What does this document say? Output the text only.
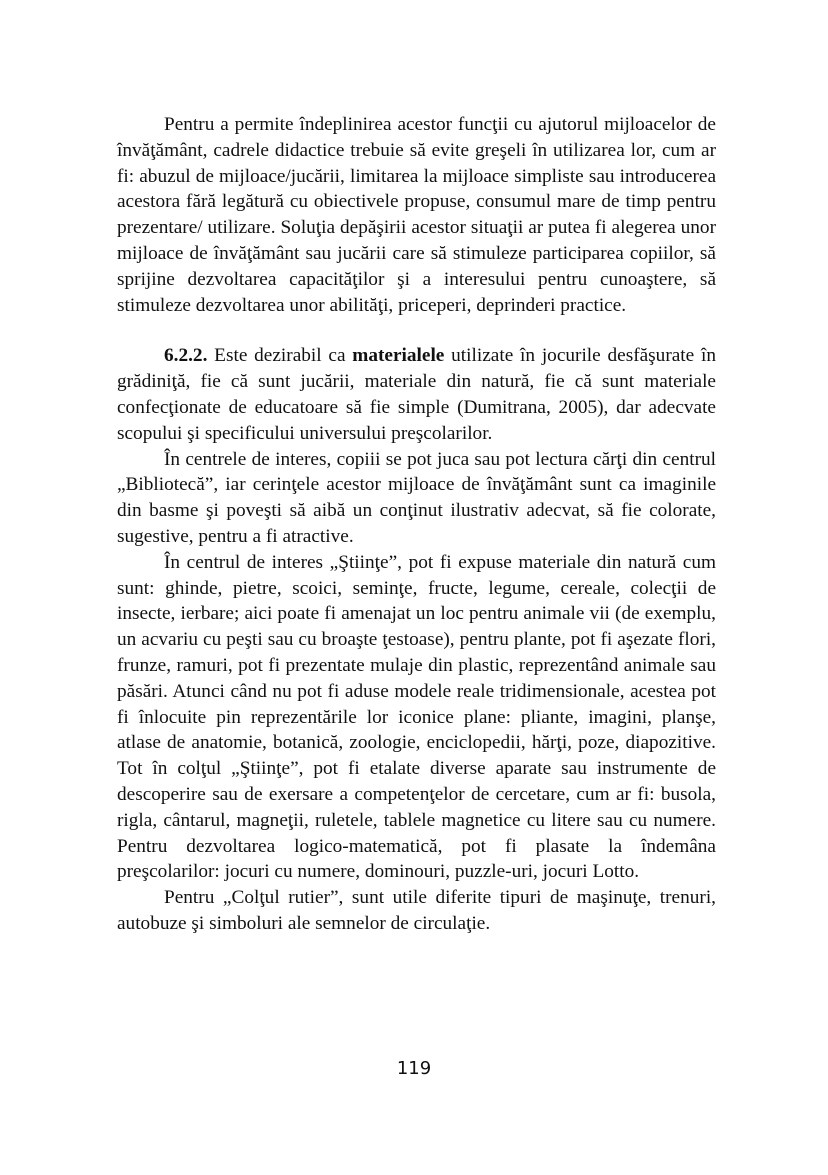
Pentru a permite îndeplinirea acestor funcţii cu ajutorul mijloacelor de învăţământ, cadrele didactice trebuie să evite greşeli în utilizarea lor, cum ar fi: abuzul de mijloace/jucării, limitarea la mijloace simpliste sau introducerea acestora fără legătură cu obiectivele propuse, consumul mare de timp pentru prezentare/ utilizare. Soluţia depăşirii acestor situaţii ar putea fi alegerea unor mijloace de învăţământ sau jucării care să stimuleze participarea copiilor, să sprijine dezvoltarea capacităţilor şi a interesului pentru cunoaştere, să stimuleze dezvoltarea unor abilităţi, priceperi, deprinderi practice.

6.2.2. Este dezirabil ca materialele utilizate în jocurile desfăşurate în grădiniţă, fie că sunt jucării, materiale din natură, fie că sunt materiale confecţionate de educatoare să fie simple (Dumitrana, 2005), dar adecvate scopului şi specificului universului preşcolarilor.

În centrele de interes, copiii se pot juca sau pot lectura cărţi din centrul „Bibliotecă”, iar cerinţele acestor mijloace de învăţământ sunt ca imaginile din basme şi poveşti să aibă un conţinut ilustrativ adecvat, să fie colorate, sugestive, pentru a fi atractive.

În centrul de interes „Ştiinţe”, pot fi expuse materiale din natură cum sunt: ghinde, pietre, scoici, seminţe, fructe, legume, cereale, colecţii de insecte, ierbare; aici poate fi amenajat un loc pentru animale vii (de exemplu, un acvariu cu peşti sau cu broaşte ţestoase), pentru plante, pot fi aşezate flori, frunze, ramuri, pot fi prezentate mulaje din plastic, reprezentând animale sau păsări. Atunci când nu pot fi aduse modele reale tridimensionale, acestea pot fi înlocuite pin reprezentările lor iconice plane: pliante, imagini, planşe, atlase de anatomie, botanică, zoologie, enciclopedii, hărţi, poze, diapozitive. Tot în colţul „Ştiinţe”, pot fi etalate diverse aparate sau instrumente de descoperire sau de exersare a competenţelor de cercetare, cum ar fi: busola, rigla, cântarul, magneţii, ruletele, tablele magnetice cu litere sau cu numere. Pentru dezvoltarea logico-matematică, pot fi plasate la îndemâna preşcolarilor: jocuri cu numere, dominouri, puzzle-uri, jocuri Lotto.

Pentru „Colţul rutier”, sunt utile diferite tipuri de maşinuţe, trenuri, autobuze şi simboluri ale semnelor de circulaţie.

119
